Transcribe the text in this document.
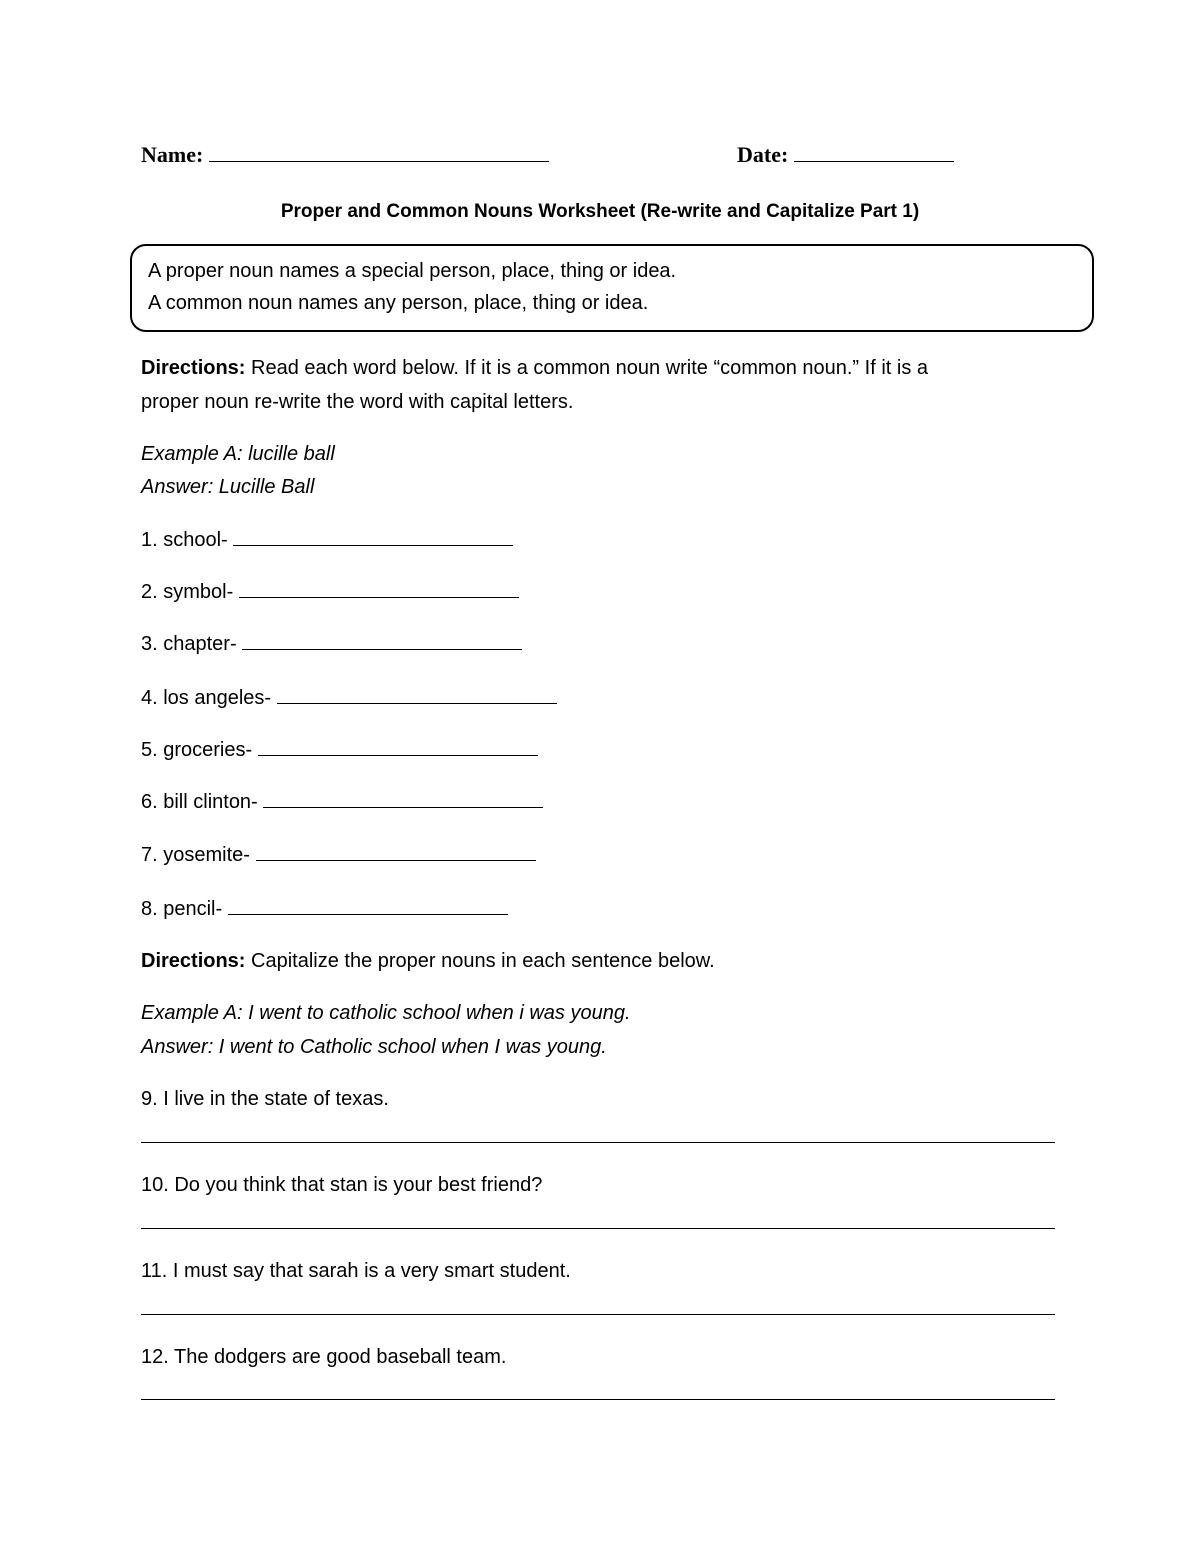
Name:	Date:
Proper and Common Nouns Worksheet (Re-write and Capitalize Part 1)
A proper noun names a special person, place, thing or idea.
A common noun names any person, place, thing or idea.
Directions: Read each word below. If it is a common noun write “common noun.” If it is a
proper noun re-write the word with capital letters.
Example A: lucille ball
Answer: Lucille Ball
1. school-
2. symbol-
3. chapter-
4. los angeles-
5. groceries-
6. bill clinton-
7. yosemite-
8. pencil-
Directions: Capitalize the proper nouns in each sentence below.
Example A: I went to catholic school when i was young.
Answer: I went to Catholic school when I was young.
9. I live in the state of texas.
10. Do you think that stan is your best friend?
11. I must say that sarah is a very smart student.
12. The dodgers are good baseball team.
